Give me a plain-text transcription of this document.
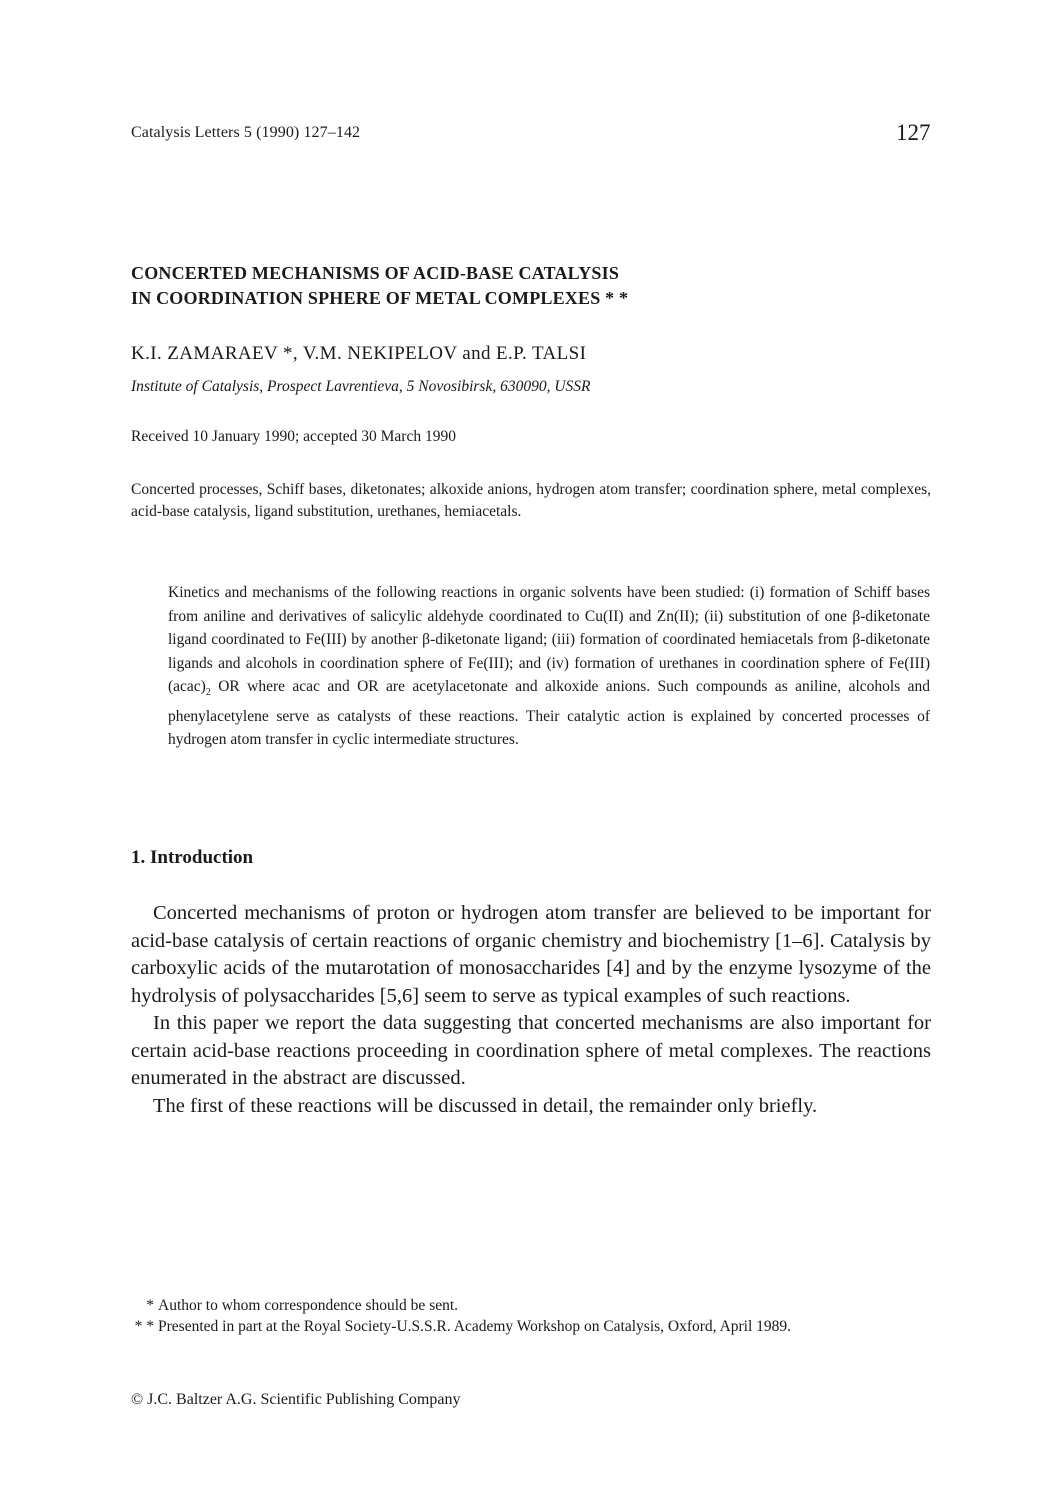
Catalysis Letters 5 (1990) 127–142	127
CONCERTED MECHANISMS OF ACID-BASE CATALYSIS
IN COORDINATION SPHERE OF METAL COMPLEXES * *
K.I. ZAMARAEV *, V.M. NEKIPELOV and E.P. TALSI
Institute of Catalysis, Prospect Lavrentieva, 5 Novosibirsk, 630090, USSR
Received 10 January 1990; accepted 30 March 1990
Concerted processes, Schiff bases, diketonates; alkoxide anions, hydrogen atom transfer; coordination sphere, metal complexes, acid-base catalysis, ligand substitution, urethanes, hemiacetals.
Kinetics and mechanisms of the following reactions in organic solvents have been studied: (i) formation of Schiff bases from aniline and derivatives of salicylic aldehyde coordinated to Cu(II) and Zn(II); (ii) substitution of one β-diketonate ligand coordinated to Fe(III) by another β-diketonate ligand; (iii) formation of coordinated hemiacetals from β-diketonate ligands and alcohols in coordination sphere of Fe(III); and (iv) formation of urethanes in coordination sphere of Fe(III) $(acac)_2$ OR where acac and OR are acetylacetonate and alkoxide anions. Such compounds as aniline, alcohols and phenylacetylene serve as catalysts of these reactions. Their catalytic action is explained by concerted processes of hydrogen atom transfer in cyclic intermediate structures.
1. Introduction

Concerted mechanisms of proton or hydrogen atom transfer are believed to be important for acid-base catalysis of certain reactions of organic chemistry and biochemistry [1–6]. Catalysis by carboxylic acids of the mutarotation of monosaccharides [4] and by the enzyme lysozyme of the hydrolysis of polysaccharides [5,6] seem to serve as typical examples of such reactions.

In this paper we report the data suggesting that concerted mechanisms are also important for certain acid-base reactions proceeding in coordination sphere of metal complexes. The reactions enumerated in the abstract are discussed.

The first of these reactions will be discussed in detail, the remainder only briefly.

* Author to whom correspondence should be sent.
* * Presented in part at the Royal Society-U.S.S.R. Academy Workshop on Catalysis, Oxford, April 1989.
© J.C. Baltzer A.G. Scientific Publishing Company
